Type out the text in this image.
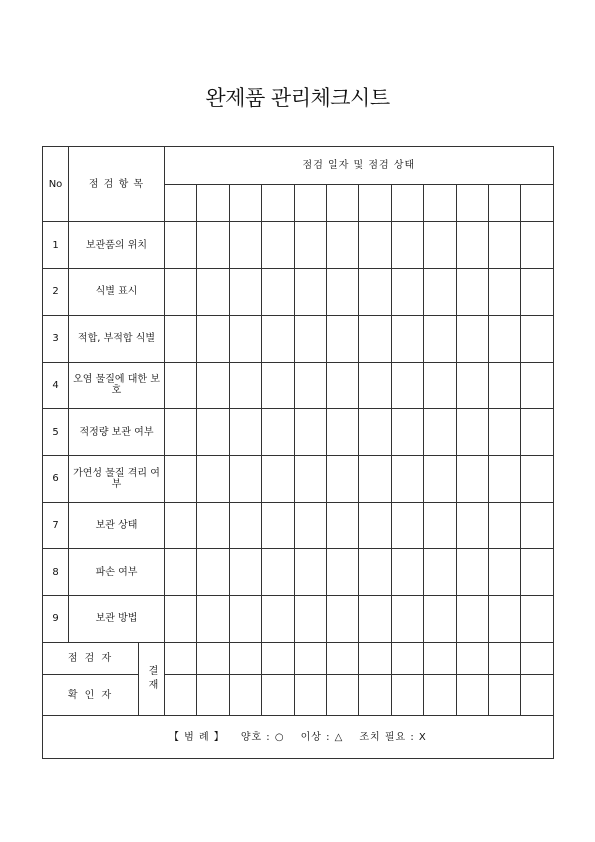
완제품 관리체크시트
No	점 검 항 목		점검 일자 및 점검 상태											

1	보관품의 위치													
2	식별 표시													
3	적합, 부적합 식별													
4	오염 물질에 대한 보호													
5	적정량 보관 여부													
6	가연성 물질 격리 여부													
7	보관 상태													
8	파손 여부													
9	보관 방법													
점 검 자		결재												
확 인 자														
【 범 례 】 양호 : ○ 이상 : △ 조치 필요 : X														
